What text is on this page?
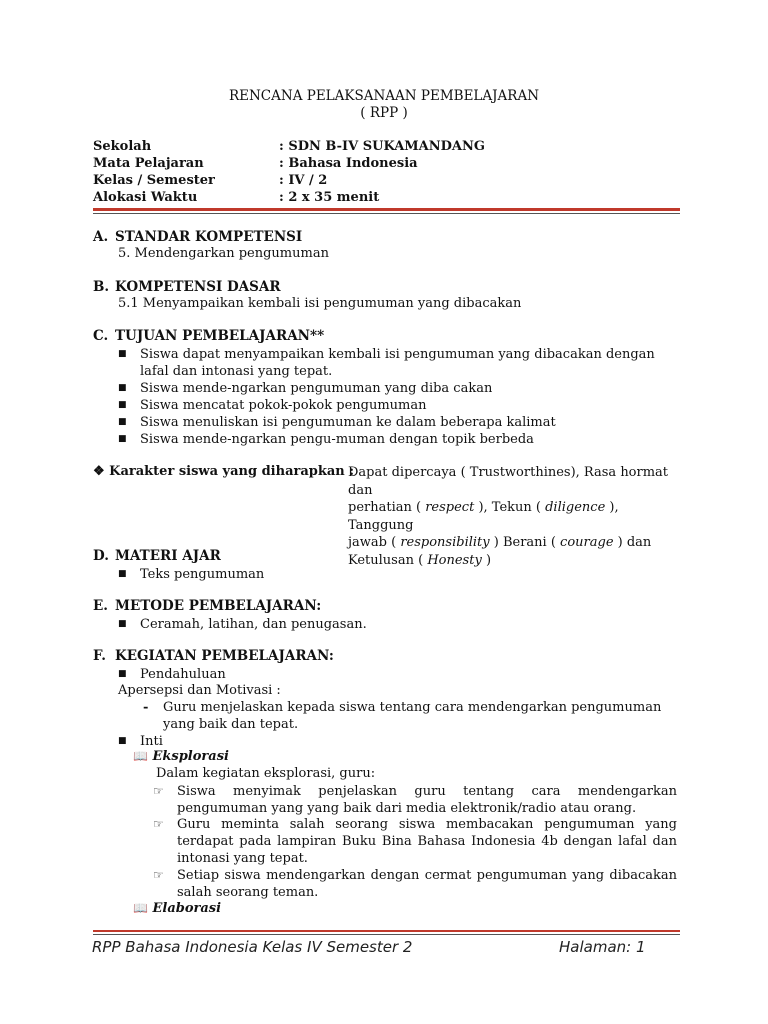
RENCANA PELAKSANAAN PEMBELAJARAN
( RPP )
Sekolah	: SDN B-IV SUKAMANDANG
Mata Pelajaran	: Bahasa Indonesia
Kelas / Semester	: IV / 2
Alokasi Waktu	: 2 x 35 menit
A. STANDAR KOMPETENSI
5. Mendengarkan pengumuman
B. KOMPETENSI DASAR
5.1 Menyampaikan kembali isi pengumuman yang dibacakan
C. TUJUAN PEMBELAJARAN**
■ Siswa dapat menyampaikan kembali isi pengumuman yang dibacakan dengan lafal dan intonasi yang tepat.
■ Siswa mende-ngarkan pengumuman yang diba cakan
■ Siswa mencatat pokok-pokok pengumuman
■ Siswa menuliskan isi pengumuman ke dalam beberapa kalimat
■ Siswa mende-ngarkan pengu-muman dengan topik berbeda
❖ Karakter siswa yang diharapkan :
Dapat dipercaya ( Trustworthines), Rasa hormat dan
perhatian ( respect ), Tekun ( diligence ), Tanggung
jawab ( responsibility ) Berani ( courage ) dan
Ketulusan ( Honesty )
D. MATERI AJAR
■ Teks pengumuman
E. METODE PEMBELAJARAN:
■ Ceramah, latihan, dan penugasan.
F. KEGIATAN PEMBELAJARAN:
■ Pendahuluan
Apersepsi dan Motivasi :
- Guru menjelaskan kepada siswa tentang cara mendengarkan pengumuman yang baik dan tepat.
■ Inti
📖 Eksplorasi
Dalam kegiatan eksplorasi, guru:
☞ Siswa menyimak penjelaskan guru tentang cara mendengarkan pengumuman yang yang baik dari media elektronik/radio atau orang.
☞ Guru meminta salah seorang siswa membacakan pengumuman yang terdapat pada lampiran Buku Bina Bahasa Indonesia 4b dengan lafal dan intonasi yang tepat.
☞ Setiap siswa mendengarkan dengan cermat pengumuman yang dibacakan salah seorang teman.
📖 Elaborasi
RPP Bahasa Indonesia Kelas IV Semester 2	Halaman: 1
